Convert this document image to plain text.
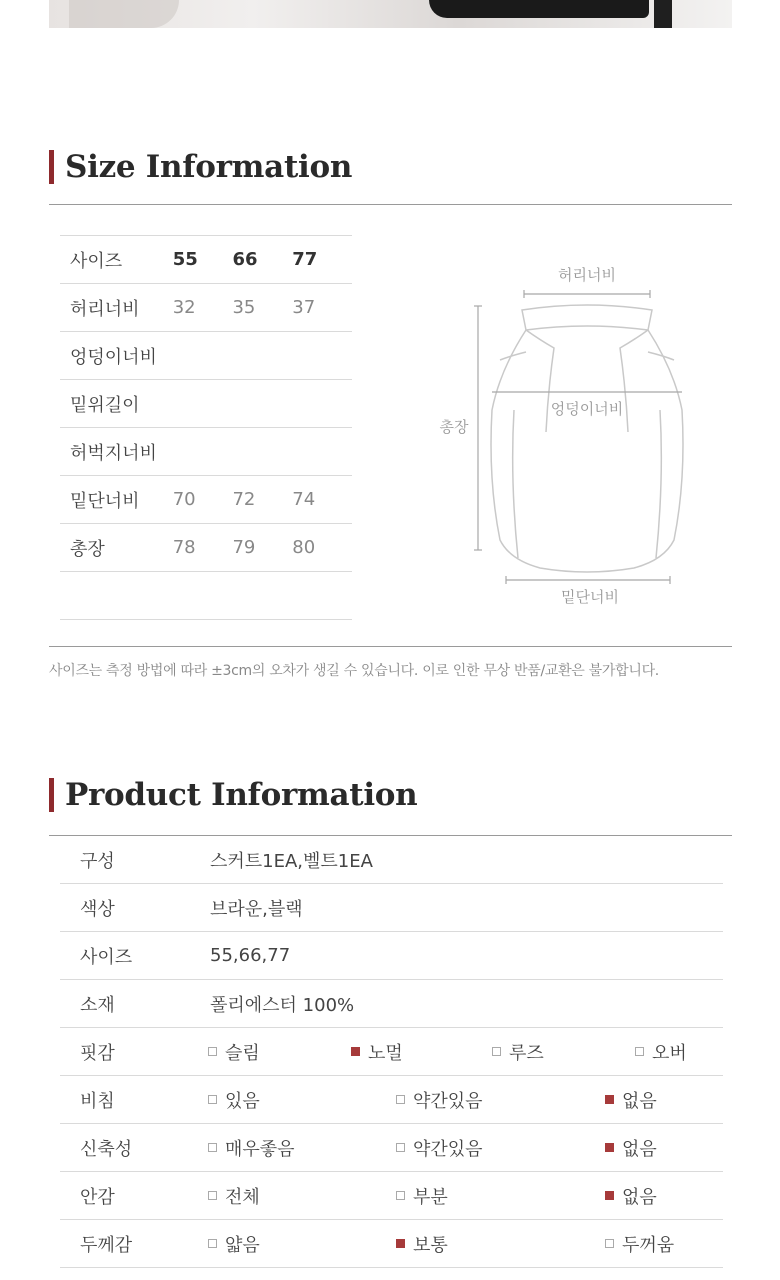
Size Information
사이즈	55	66	77
허리너비	32	35	37
엉덩이너비
밑위길이
허벅지너비
밑단너비	70	72	74
총장	78	79	80
허리너비
엉덩이너비
총장
밑단너비
사이즈는 측정 방법에 따라 ±3cm의 오차가 생길 수 있습니다. 이로 인한 무상 반품/교환은 불가합니다.
Product Information
구성	스커트1EA,벨트1EA
색상	브라운,블랙
사이즈	55,66,77
소재	폴리에스터 100%
핏감	슬림	노멀	루즈	오버
비침	있음	약간있음	없음
신축성	매우좋음	약간있음	없음
안감	전체	부분	없음
두께감	얇음	보통	두꺼움
